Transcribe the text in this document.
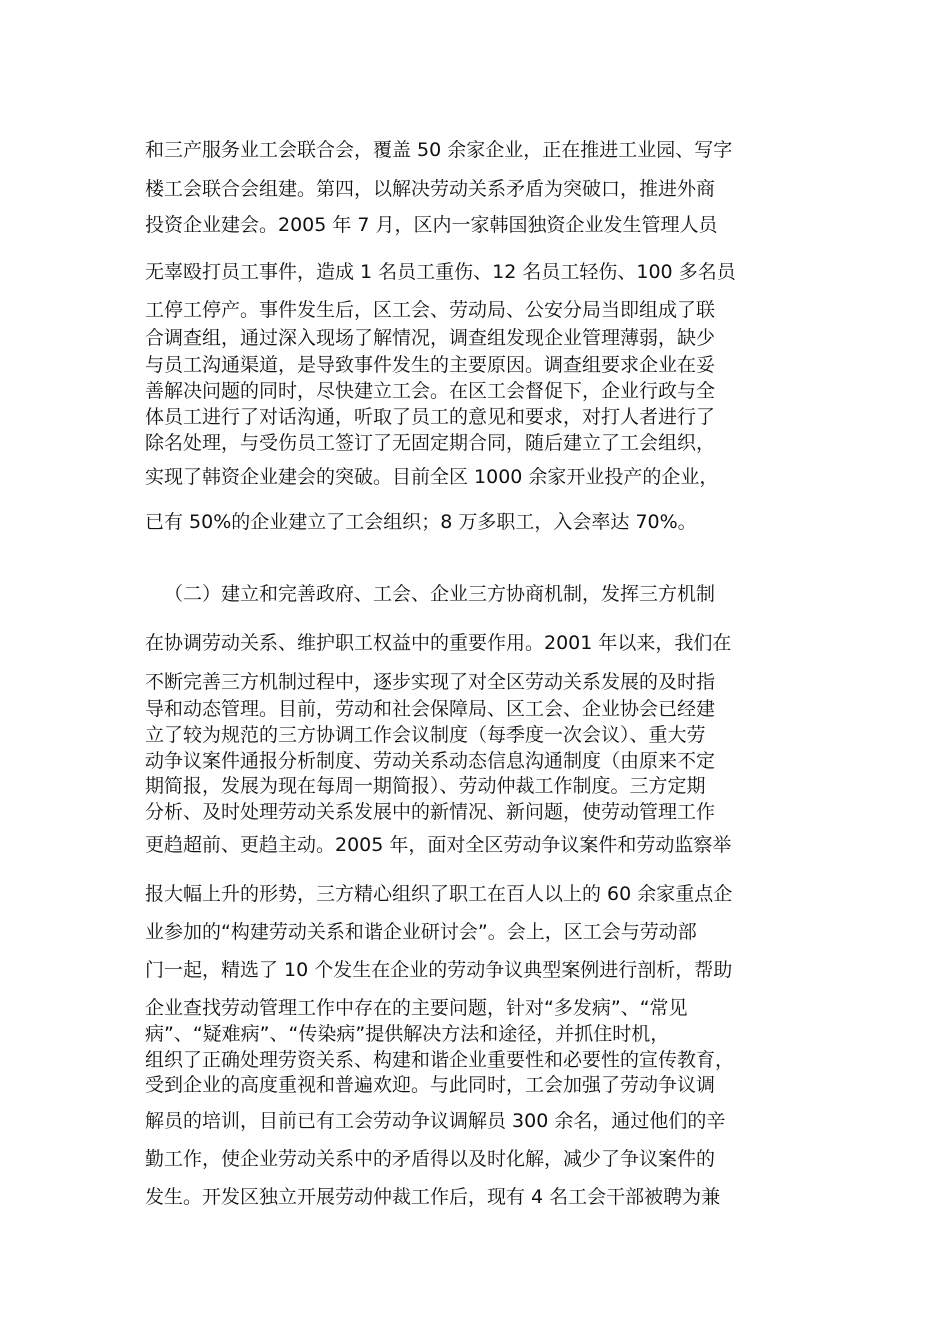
和三产服务业工会联合会，覆盖 50 余家企业，正在推进工业园、写字

楼工会联合会组建。第四，以解决劳动关系矛盾为突破口，推进外商

投资企业建会。2005 年 7 月，区内一家韩国独资企业发生管理人员

无辜殴打员工事件，造成 1 名员工重伤、12 名员工轻伤、100 多名员

工停工停产。事件发生后，区工会、劳动局、公安分局当即组成了联

合调查组，通过深入现场了解情况，调查组发现企业管理薄弱，缺少

与员工沟通渠道，是导致事件发生的主要原因。调查组要求企业在妥

善解决问题的同时，尽快建立工会。在区工会督促下，企业行政与全

体员工进行了对话沟通，听取了员工的意见和要求，对打人者进行了

除名处理，与受伤员工签订了无固定期合同，随后建立了工会组织，

实现了韩资企业建会的突破。目前全区 1000 余家开业投产的企业，

已有 50%的企业建立了工会组织；8 万多职工，入会率达 70%。

（二）建立和完善政府、工会、企业三方协商机制，发挥三方机制

在协调劳动关系、维护职工权益中的重要作用。2001 年以来，我们在

不断完善三方机制过程中，逐步实现了对全区劳动关系发展的及时指

导和动态管理。目前，劳动和社会保障局、区工会、企业协会已经建

立了较为规范的三方协调工作会议制度（每季度一次会议）、重大劳

动争议案件通报分析制度、劳动关系动态信息沟通制度（由原来不定

期简报，发展为现在每周一期简报）、劳动仲裁工作制度。三方定期

分析、及时处理劳动关系发展中的新情况、新问题，使劳动管理工作

更趋超前、更趋主动。2005 年，面对全区劳动争议案件和劳动监察举

报大幅上升的形势，三方精心组织了职工在百人以上的 60 余家重点企

业参加的“构建劳动关系和谐企业研讨会”。会上，区工会与劳动部

门一起，精选了 10 个发生在企业的劳动争议典型案例进行剖析，帮助

企业查找劳动管理工作中存在的主要问题，针对“多发病”、“常见

病”、“疑难病”、“传染病”提供解决方法和途径，并抓住时机，

组织了正确处理劳资关系、构建和谐企业重要性和必要性的宣传教育，

受到企业的高度重视和普遍欢迎。与此同时，工会加强了劳动争议调

解员的培训，目前已有工会劳动争议调解员 300 余名，通过他们的辛

勤工作，使企业劳动关系中的矛盾得以及时化解，减少了争议案件的

发生。开发区独立开展劳动仲裁工作后，现有 4 名工会干部被聘为兼
